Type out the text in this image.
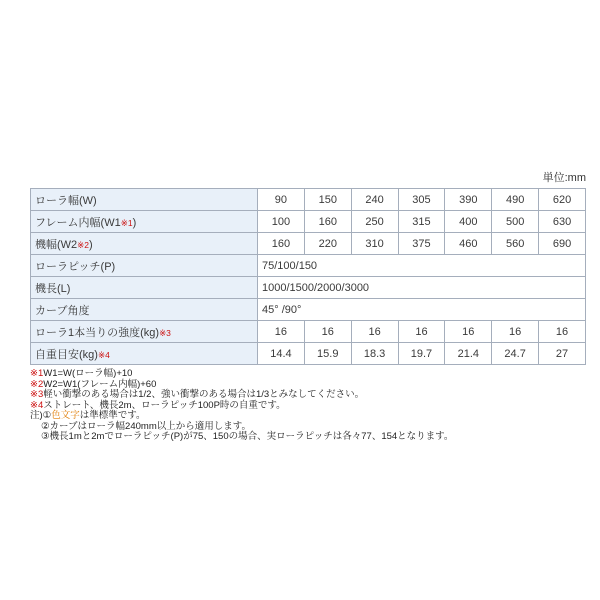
単位:mm
ローラ幅(W)	90	150	240	305	390	490	620
フレーム内幅(W1※1)	100	160	250	315	400	500	630
機幅(W2※2)	160	220	310	375	460	560	690
ローラピッチ(P)	75/100/150						
機長(L)	1000/1500/2000/3000						
カーブ角度	45° /90°						
ローラ1本当りの強度(kg)※3	16	16	16	16	16	16	16
自重目安(kg)※4	14.4	15.9	18.3	19.7	21.4	24.7	27
※1W1=W(ローラ幅)+10
※2W2=W1(フレーム内幅)+60
※3軽い衝撃のある場合は1/2、強い衝撃のある場合は1/3とみなしてください。
※4ストレート、機長2m、ローラピッチ100P時の自重です。
注)①色文字は準標準です。
②カーブはローラ幅240mm以上から適用します。
③機長1mと2mでローラピッチ(P)が75、150の場合、実ローラピッチは各々77、154となります。
